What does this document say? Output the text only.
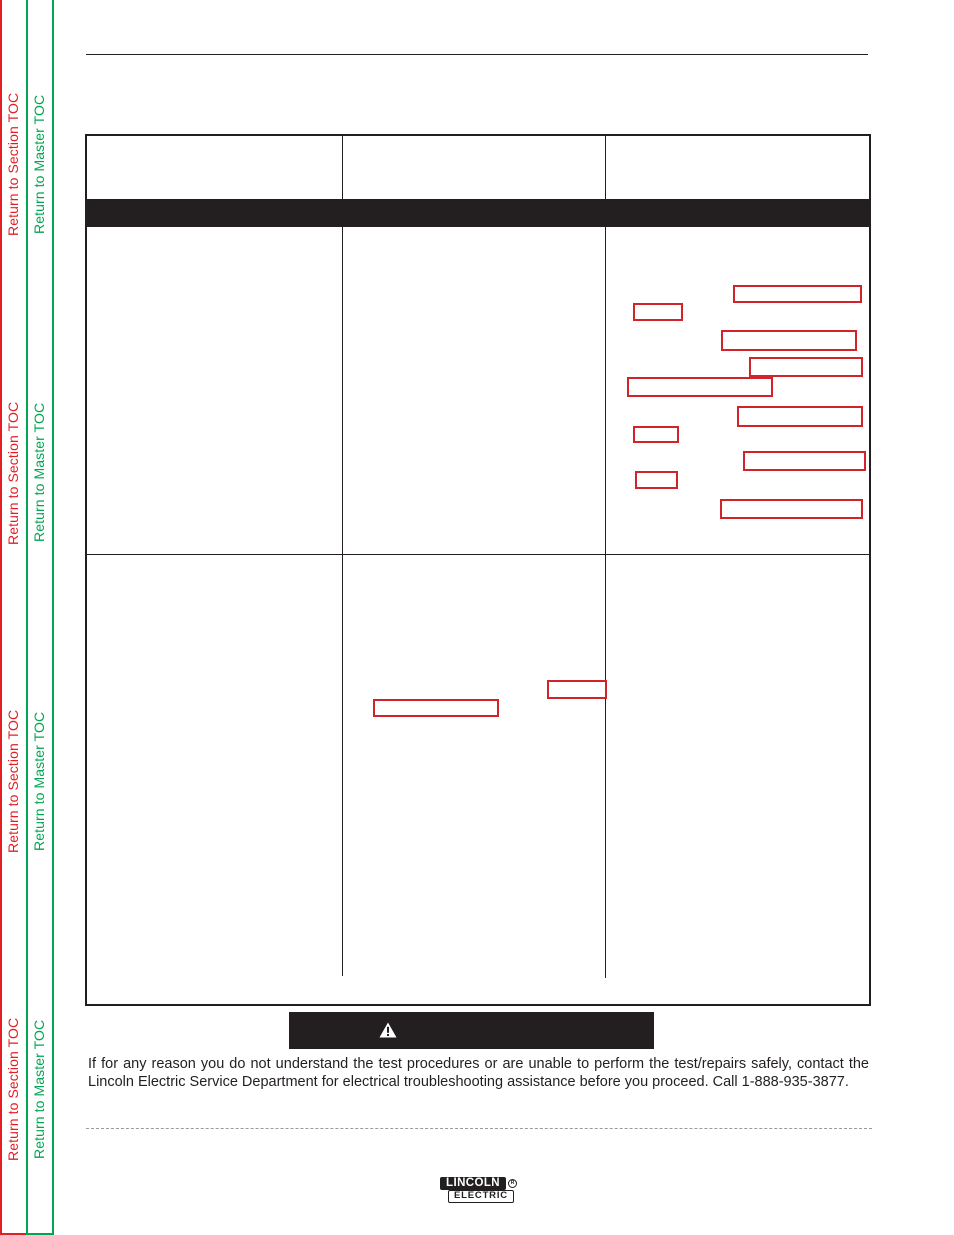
Return to Section TOC Return to Master TOC
Return to Section TOC Return to Master TOC
Return to Section TOC Return to Master TOC
Return to Section TOC Return to Master TOC	If for any reason you do not understand the test procedures or are unable to perform the test/repairs safely, contact the Lincoln Electric Service Department for electrical troubleshooting assistance before you proceed. Call 1-888-935-3877.
LINCOLN
ELECTRIC
R
